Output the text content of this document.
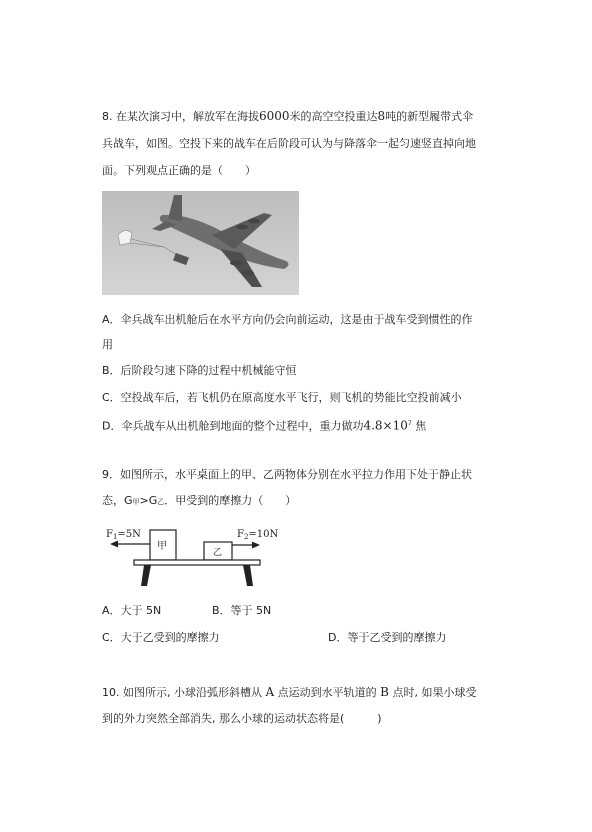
8. 在某次演习中，解放军在海拔6000米的高空空投重达8吨的新型履带式伞
兵战车，如图。空投下来的战车在后阶段可认为与降落伞一起匀速竖直掉向地
面。下列观点正确的是（　　）
A．伞兵战车出机舱后在水平方向仍会向前运动，这是由于战车受到惯性的作
用
B．后阶段匀速下降的过程中机械能守恒
C．空投战车后，若飞机仍在原高度水平飞行，则飞机的势能比空投前减小
D．伞兵战车从出机舱到地面的整个过程中，重力做功$4.8\times 10^7$ 焦
9．如图所示，水平桌面上的甲、乙两物体分别在水平拉力作用下处于静止状
态，G甲>G乙．甲受到的摩擦力（　　）
$F_1=5N$
甲
乙
$F_2=10N$
A．大于 5N	B．等于 5N
C．大于乙受到的摩擦力	D．等于乙受到的摩擦力
10. 如图所示, 小球沿弧形斜槽从 A 点运动到水平轨道的 B 点时, 如果小球受
到的外力突然全部消失, 那么小球的运动状态将是(　　　)
